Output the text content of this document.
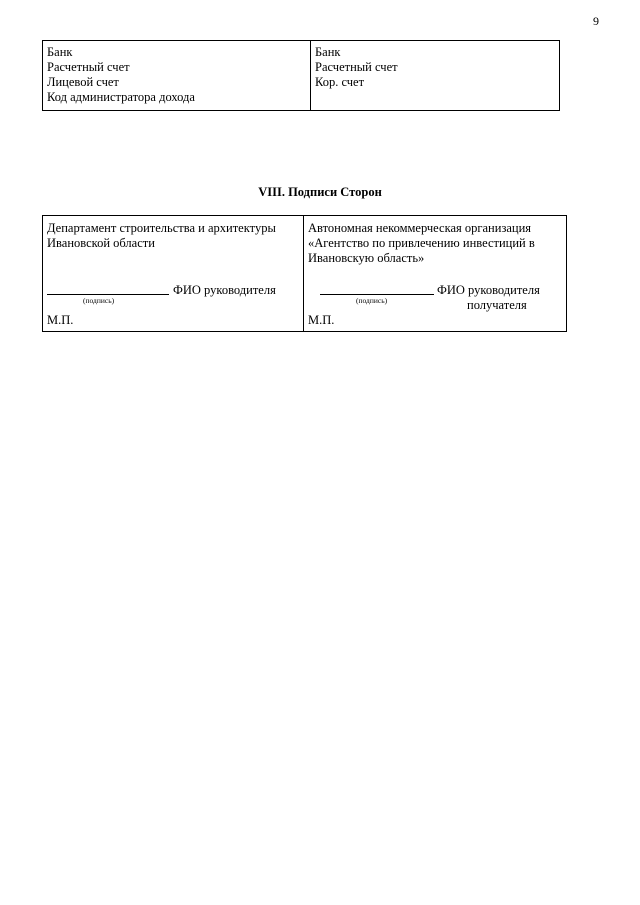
9
Банк
Расчетный счет
Лицевой счет
Код администратора дохода

Банк
Расчетный счет
Кор. счет
VIII. Подписи Сторон
Департамент строительства и архитектуры
Ивановской области
ФИО руководителя
(подпись)
М.П.

Автономная некоммерческая организация
«Агентство по привлечению инвестиций в
Ивановскую область»
ФИО руководителя
(подпись)	получателя
М.П.
